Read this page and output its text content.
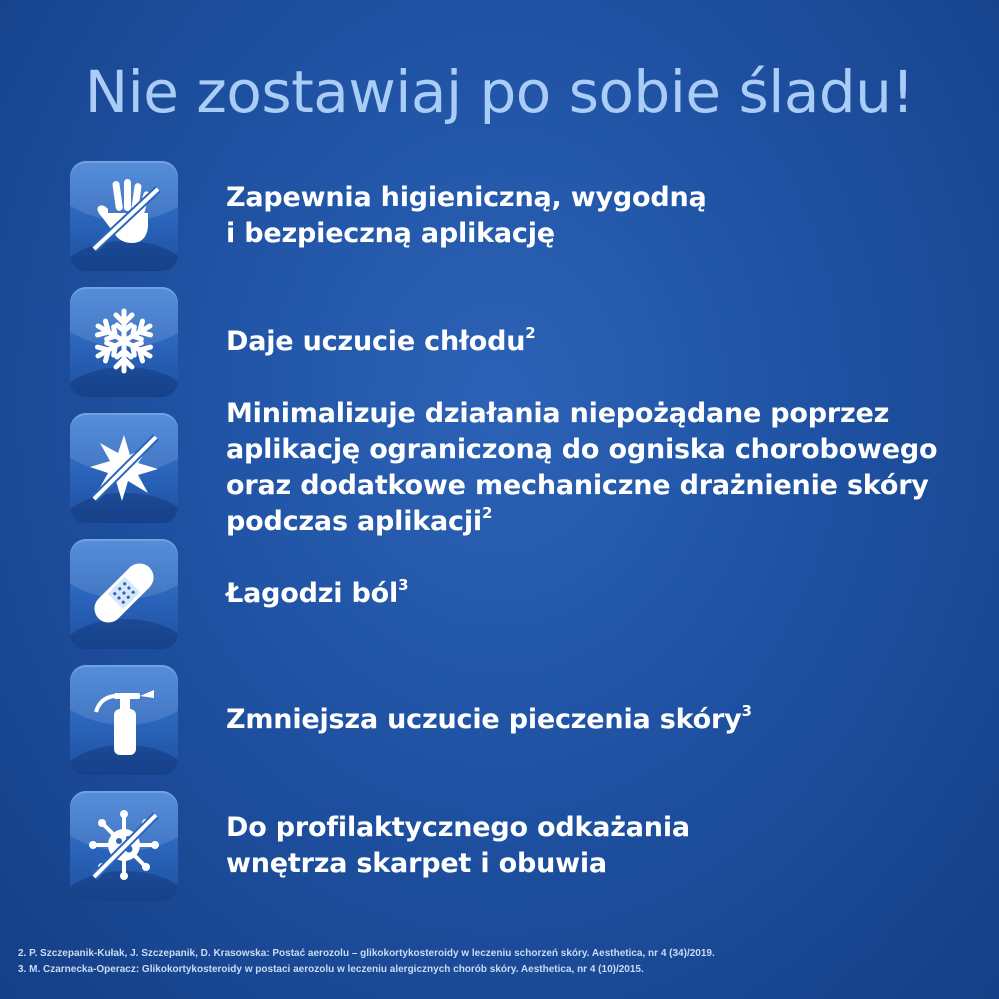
Nie zostawiaj po sobie śladu!
Zapewnia higieniczną, wygodną
i bezpieczną aplikację
Daje uczucie chłodu$^2$
Minimalizuje działania niepożądane poprzez
aplikację ograniczoną do ogniska chorobowego
oraz dodatkowe mechaniczne drażnienie skóry
podczas aplikacji$^2$
Łagodzi ból$^3$
Zmniejsza uczucie pieczenia skóry$^3$
Do profilaktycznego odkażania
wnętrza skarpet i obuwia
2. P. Szczepanik-Kułak, J. Szczepanik, D. Krasowska: Postać aerozolu – glikokortykosteroidy w leczeniu schorzeń skóry. Aesthetica, nr 4 (34)/2019.
3. M. Czarnecka-Operacz: Glikokortykosteroidy w postaci aerozolu w leczeniu alergicznych chorób skóry. Aesthetica, nr 4 (10)/2015.
